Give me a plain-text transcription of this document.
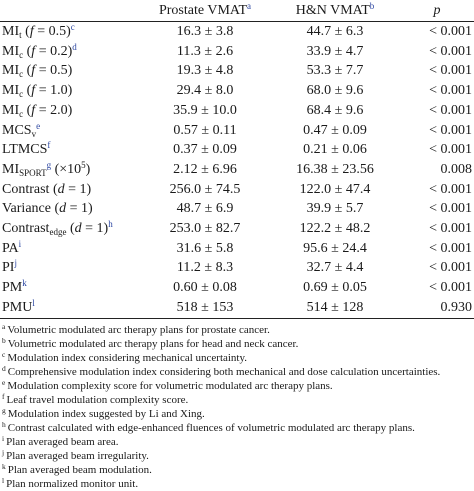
	Prostate VMAT$^a$	H&N VMAT$^b$	p
$MI_t$ (f = 0.5)$^c$	16.3 ± 3.8	44.7 ± 6.3	< 0.001
$MI_c$ (f = 0.2)$^d$	11.3 ± 2.6	33.9 ± 4.7	< 0.001
$MI_c$ (f = 0.5)	19.3 ± 4.8	53.3 ± 7.7	< 0.001
$MI_c$ (f = 1.0)	29.4 ± 8.0	68.0 ± 9.6	< 0.001
$MI_c$ (f = 2.0)	35.9 ± 10.0	68.4 ± 9.6	< 0.001
$MCS_v^e$	0.57 ± 0.11	0.47 ± 0.09	< 0.001
LTMCS$^f$	0.37 ± 0.09	0.21 ± 0.06	< 0.001
$MI_{SPORT}^g$ $(\times 10^5)$	2.12 ± 6.96	16.38 ± 23.56	0.008
Contrast (d = 1)	256.0 ± 74.5	122.0 ± 47.4	< 0.001
Variance (d = 1)	48.7 ± 6.9	39.9 ± 5.7	< 0.001
Contrast$_{edge}$ (d = 1)$^h$	253.0 ± 82.7	122.2 ± 48.2	< 0.001
PA$^i$	31.6 ± 5.8	95.6 ± 24.4	< 0.001
PI$^j$	11.2 ± 8.3	32.7 ± 4.4	< 0.001
PM$^k$	0.60 ± 0.08	0.69 ± 0.05	< 0.001
PMU$^l$	518 ± 153	514 ± 128	0.930
$^a$ Volumetric modulated arc therapy plans for prostate cancer.
$^b$ Volumetric modulated arc therapy plans for head and neck cancer.
$^c$ Modulation index considering mechanical uncertainty.
$^d$ Comprehensive modulation index considering both mechanical and dose calculation uncertainties.
$^e$ Modulation complexity score for volumetric modulated arc therapy plans.
$^f$ Leaf travel modulation complexity score.
$^g$ Modulation index suggested by Li and Xing.
$^h$ Contrast calculated with edge-enhanced fluences of volumetric modulated arc therapy plans.
$^i$ Plan averaged beam area.
$^j$ Plan averaged beam irregularity.
$^k$ Plan averaged beam modulation.
$^l$ Plan normalized monitor unit.
